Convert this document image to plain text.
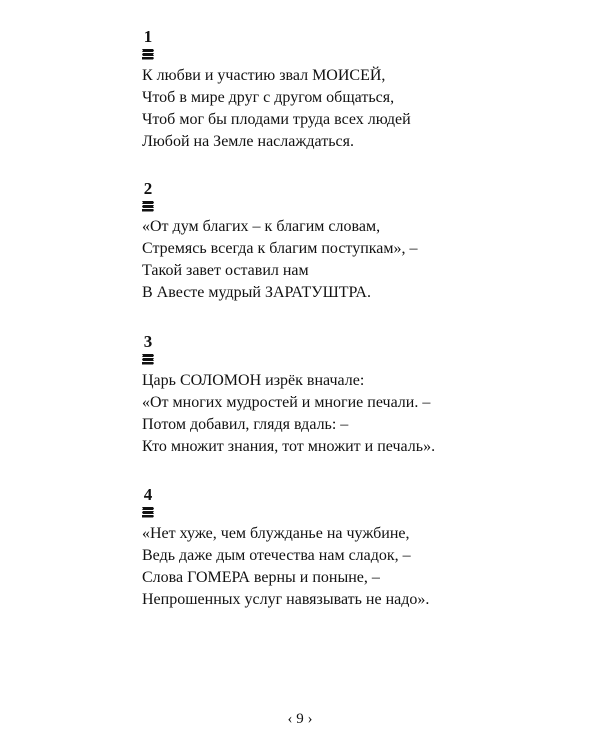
1
К любви и участию звал МОИСЕЙ,
Чтоб в мире друг с другом общаться,
Чтоб мог бы плодами труда всех людей
Любой на Земле наслаждаться.
2
«От дум благих – к благим словам,
Стремясь всегда к благим поступкам», –
Такой завет оставил нам
В Авесте мудрый ЗАРАТУШТРА.
3
Царь СОЛОМОН изрёк вначале:
«От многих мудростей и многие печали. –
Потом добавил, глядя вдаль: –
Кто множит знания, тот множит и печаль».
4
«Нет хуже, чем блужданье на чужбине,
Ведь даже дым отечества нам сладок, –
Слова ГОМЕРА верны и поныне, –
Непрошенных услуг навязывать не надо».
‹ 9 ›
